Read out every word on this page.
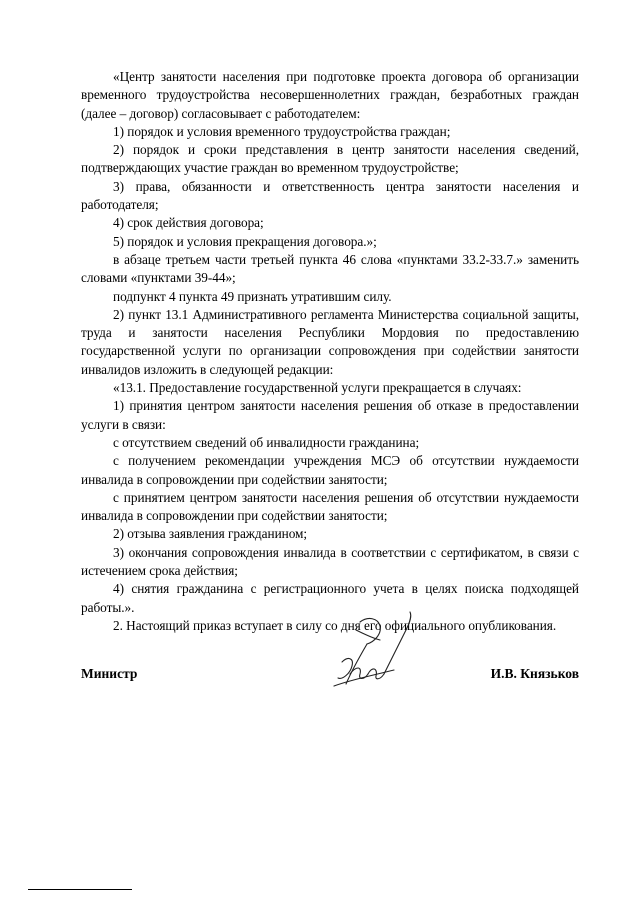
«Центр занятости населения при подготовке проекта договора об организации временного трудоустройства несовершеннолетних граждан, безработных граждан (далее – договор) согласовывает с работодателем:

1) порядок и условия временного трудоустройства граждан;

2) порядок и сроки представления в центр занятости населения сведений, подтверждающих участие граждан во временном трудоустройстве;

3) права, обязанности и ответственность центра занятости населения и работодателя;

4) срок действия договора;

5) порядок и условия прекращения договора.»;

в абзаце третьем части третьей пункта 46 слова «пунктами 33.2-33.7.» заменить словами «пунктами 39-44»;

подпункт 4 пункта 49 признать утратившим силу.

2) пункт 13.1 Административного регламента Министерства социальной защиты, труда и занятости населения Республики Мордовия по предоставлению государственной услуги по организации сопровождения при содействии занятости инвалидов изложить в следующей редакции:

«13.1. Предоставление государственной услуги прекращается в случаях:

1) принятия центром занятости населения решения об отказе в предоставлении услуги в связи:

с отсутствием сведений об инвалидности гражданина;

с получением рекомендации учреждения МСЭ об отсутствии нуждаемости инвалида в сопровождении при содействии занятости;

с принятием центром занятости населения решения об отсутствии нуждаемости инвалида в сопровождении при содействии занятости;

2) отзыва заявления гражданином;

3) окончания сопровождения инвалида в соответствии с сертификатом, в связи с истечением срока действия;

4) снятия гражданина с регистрационного учета в целях поиска подходящей работы.».

2. Настоящий приказ вступает в силу со дня его официального опубликования.

Министр	И.В. Князьков
